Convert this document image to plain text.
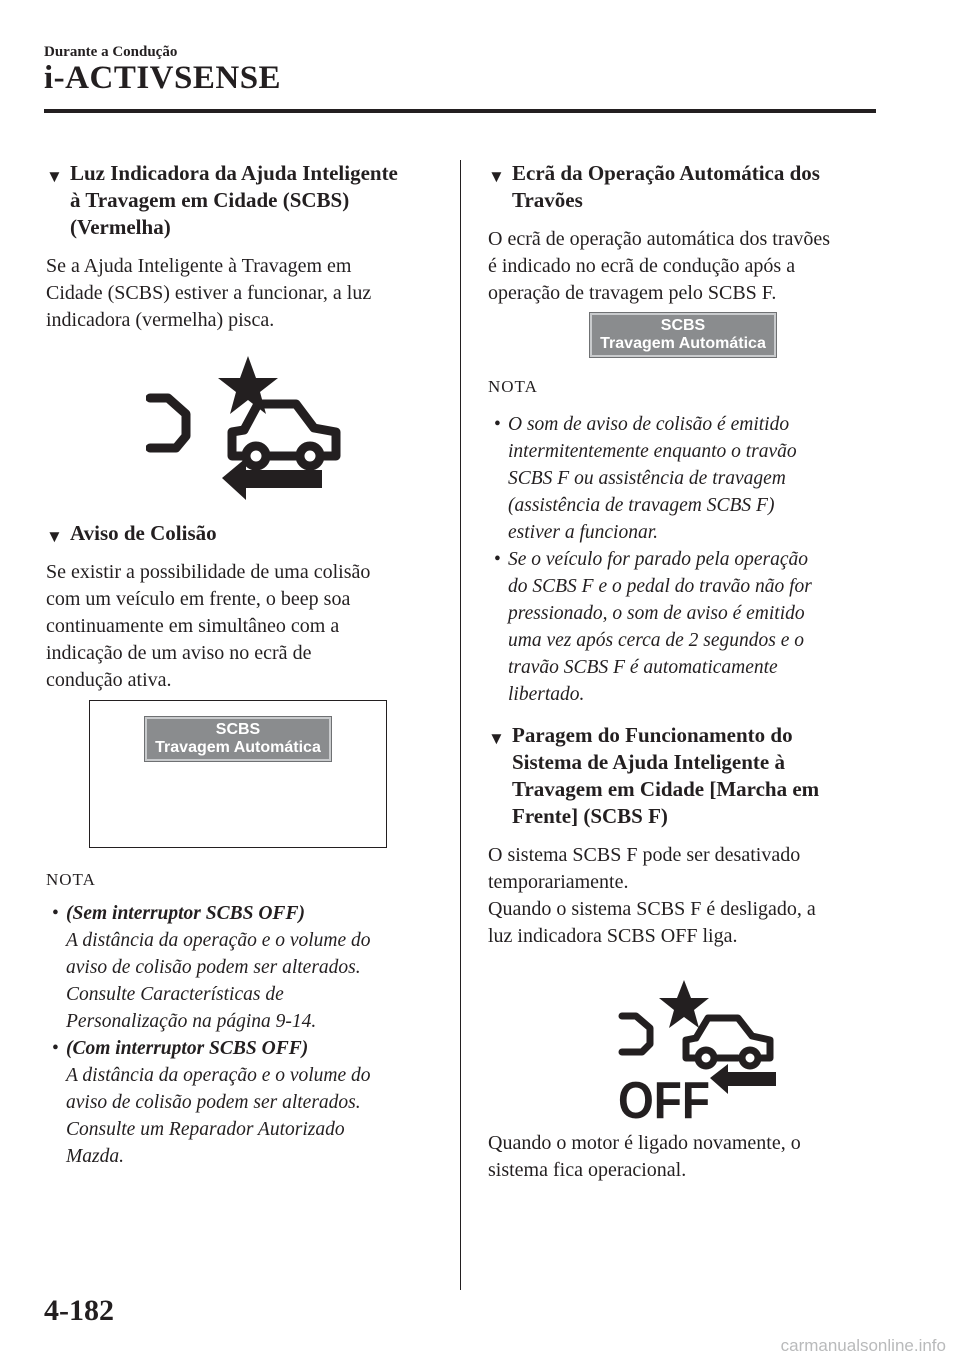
Durante a Condução
i-ACTIVSENSE
▼ Luz Indicadora da Ajuda Inteligente
à Travagem em Cidade (SCBS)
(Vermelha)
Se a Ajuda Inteligente à Travagem em
Cidade (SCBS) estiver a funcionar, a luz
indicadora (vermelha) pisca.
▼ Aviso de Colisão
Se existir a possibilidade de uma colisão
com um veículo em frente, o beep soa
continuamente em simultâneo com a
indicação de um aviso no ecrã de
condução ativa.
SCBS
Travagem Automática
NOTA
• (Sem interruptor SCBS OFF)
A distância da operação e o volume do
aviso de colisão podem ser alterados.
Consulte Características de
Personalização na página 9-14.
• (Com interruptor SCBS OFF)
A distância da operação e o volume do
aviso de colisão podem ser alterados.
Consulte um Reparador Autorizado
Mazda.
▼ Ecrã da Operação Automática dos
Travões
O ecrã de operação automática dos travões
é indicado no ecrã de condução após a
operação de travagem pelo SCBS F.
SCBS
Travagem Automática
NOTA
• O som de aviso de colisão é emitido
intermitentemente enquanto o travão
SCBS F ou assistência de travagem
(assistência de travagem SCBS F)
estiver a funcionar.
• Se o veículo for parado pela operação
do SCBS F e o pedal do travão não for
pressionado, o som de aviso é emitido
uma vez após cerca de 2 segundos e o
travão SCBS F é automaticamente
libertado.
▼ Paragem do Funcionamento do
Sistema de Ajuda Inteligente à
Travagem em Cidade [Marcha em
Frente] (SCBS F)
O sistema SCBS F pode ser desativado
temporariamente.
Quando o sistema SCBS F é desligado, a
luz indicadora SCBS OFF liga.
OFF
Quando o motor é ligado novamente, o
sistema fica operacional.
4-182
carmanualsonline.info
